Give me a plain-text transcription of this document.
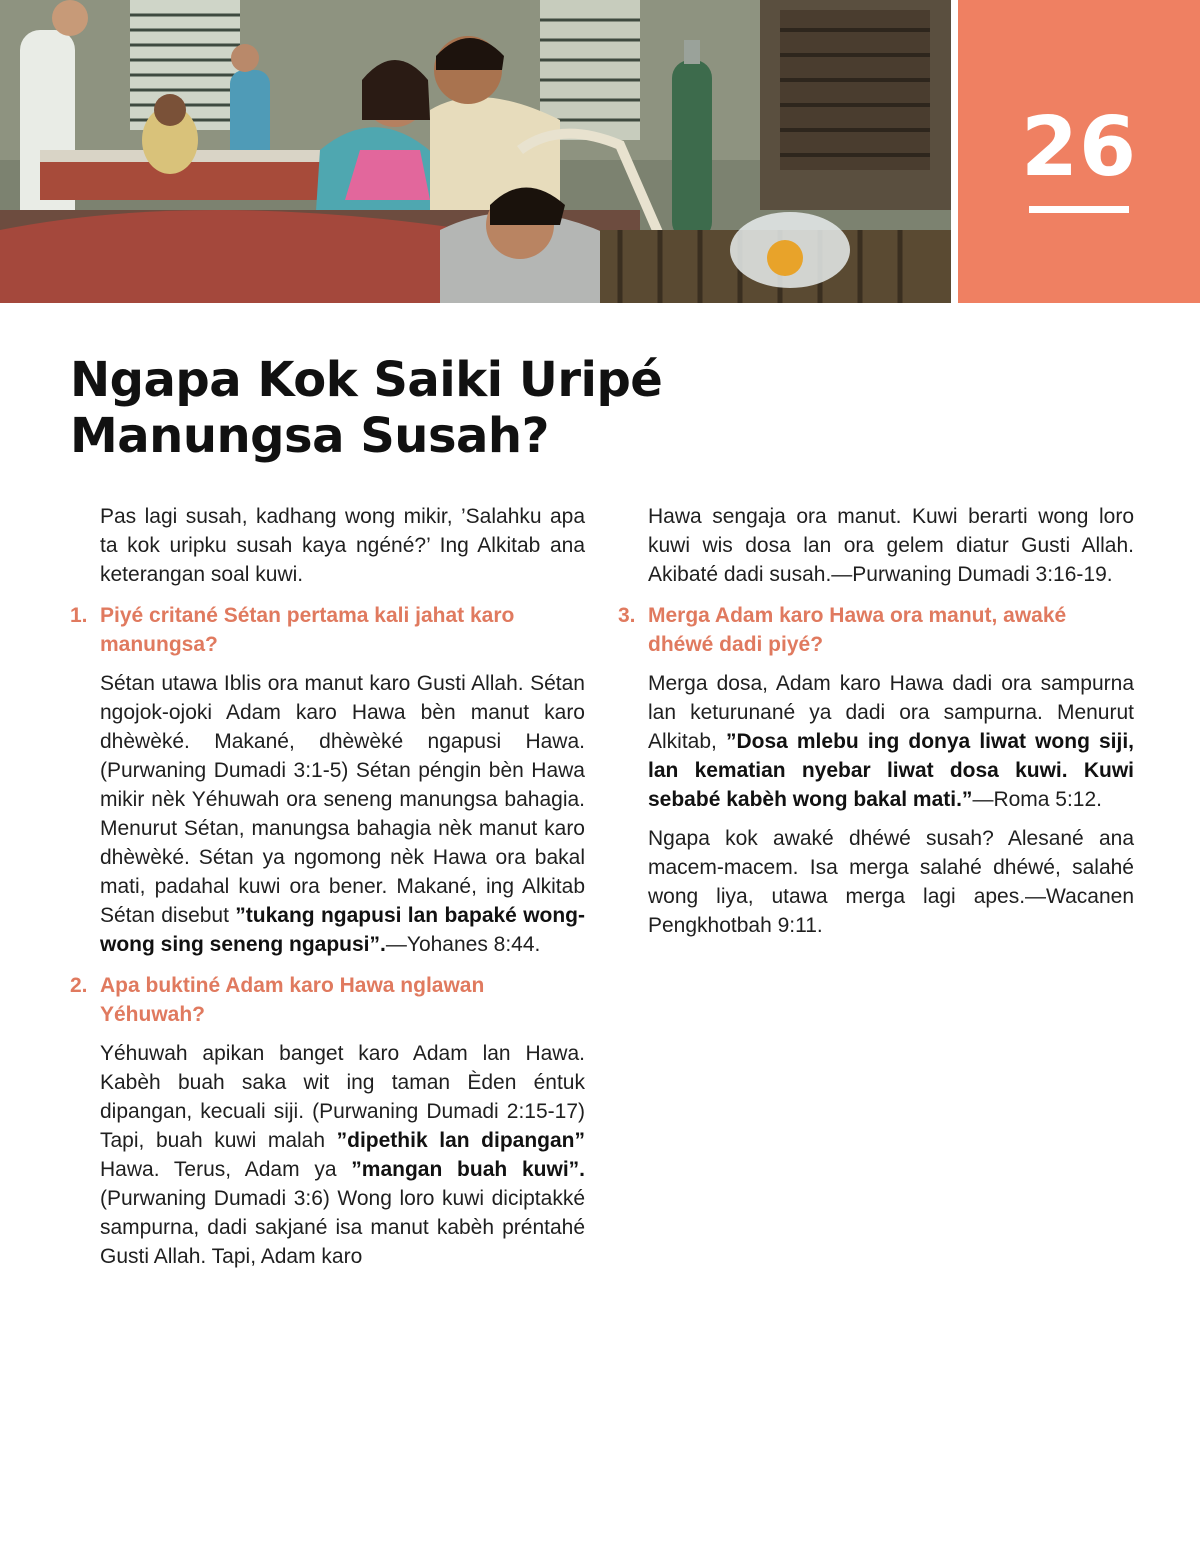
26
Ngapa Kok Saiki Uripé
Manungsa Susah?

Pas lagi susah, kadhang wong mikir, ’Salahku apa ta kok uripku susah kaya ngéné?’ Ing Alkitab ana keterangan soal kuwi.

1. Piyé critané Sétan pertama kali jahat karo manungsa?

Sétan utawa Iblis ora manut karo Gusti Allah. Sétan ngojok-ojoki Adam karo Hawa bèn manut karo dhèwèké. Makané, dhèwèké ngapusi Hawa. (Purwaning Dumadi 3:1-5) Sétan péngin bèn Hawa mikir nèk Yéhuwah ora seneng manungsa bahagia. Menurut Sétan, manungsa bahagia nèk manut karo dhèwèké. Sétan ya ngomong nèk Hawa ora bakal mati, padahal kuwi ora bener. Makané, ing Alkitab Sétan disebut ”tukang ngapusi lan bapaké wong-wong sing seneng ngapusi”.—Yohanes 8:44.

2. Apa buktiné Adam karo Hawa nglawan Yéhuwah?

Yéhuwah apikan banget karo Adam lan Hawa. Kabèh buah saka wit ing taman Èden éntuk dipangan, kecuali siji. (Purwaning Dumadi 2:15-17) Tapi, buah kuwi malah ”dipethik lan dipangan” Hawa. Terus, Adam ya ”mangan buah kuwi”. (Purwaning Dumadi 3:6) Wong loro kuwi diciptakké sampurna, dadi sakjané isa manut kabèh préntahé Gusti Allah. Tapi, Adam karo

Hawa sengaja ora manut. Kuwi berarti wong loro kuwi wis dosa lan ora gelem diatur Gusti Allah. Akibaté dadi susah.—Purwaning Dumadi 3:16-19.

3. Merga Adam karo Hawa ora manut, awaké dhéwé dadi piyé?

Merga dosa, Adam karo Hawa dadi ora sampurna lan keturunané ya dadi ora sampurna. Menurut Alkitab, ”Dosa mlebu ing donya liwat wong siji, lan kematian nyebar liwat dosa kuwi. Kuwi sebabé kabèh wong bakal mati.”—Roma 5:12.

Ngapa kok awaké dhéwé susah? Alesané ana macem-macem. Isa merga salahé dhéwé, salahé wong liya, utawa merga lagi apes.—Wacanen Pengkhotbah 9:11.
